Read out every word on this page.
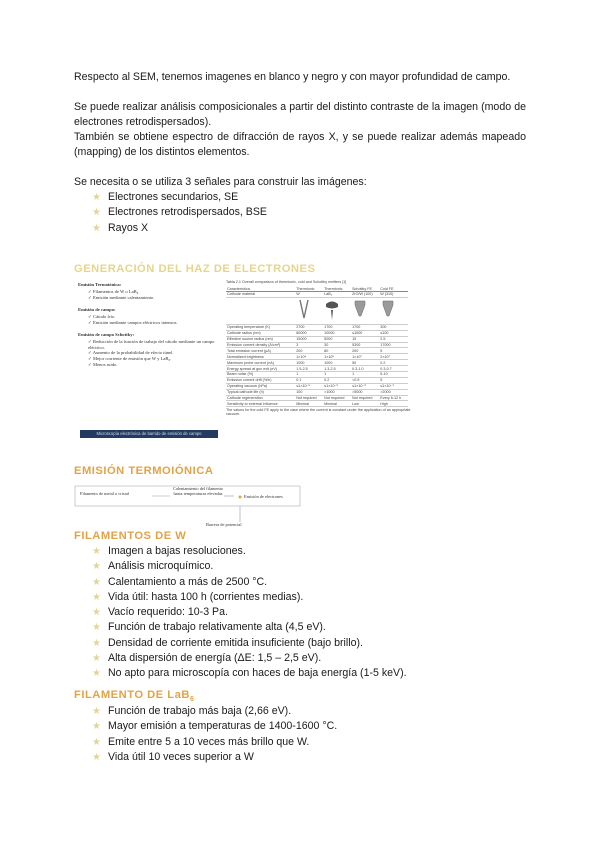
Respecto al SEM, tenemos imagenes en blanco y negro y con mayor profundidad de campo.

Se puede realizar análisis composicionales a partir del distinto contraste de la imagen (modo de electrones retrodispersados).

También se obtiene espectro de difracción de rayos X, y se puede realizar además mapeado (mapping) de los distintos elementos.

Se necesita o se utiliza 3 señales para construir las imágenes:

★ Electrones secundarios, SE
★ Electrones retrodispersados, BSE
★ Rayos X
GENERACIÓN DEL HAZ DE ELECTRONES

Emisión Termoiónica:

✓ Filamentos de W o LaB₆
✓ Emisión mediante calentamiento.

Emisión de campo:

✓ Cátodo frío.
✓ Emisión mediante campos eléctricos intensos.

Emisión de campo Schottky:

✓ Reducción de la función de trabajo del cátodo mediante un campo eléctrico.
✓ Aumento de la probabilidad de efecto túnel.
✓ Mejor corriente de emisión que W y LaB₆.
✓ Menos ruido.
Microscopía electrónica de barrido de emisión de campo

Tabla 2.1 Overall comparison of thermionic, cold and Schottky emitters [1]

Característica	Thermionic	Thermionic	Schottky FE	Cold FE
Cathode material	W	LaB₆	ZrO/W (100)	W (310)

Operating temperature (K)	2700	1700	1700	300
Cathode radius (nm)	60000	10000	≤1000	≤100
Effective source radius (nm)	15000	5000	15	2.5
Emission current density (A/cm²)	3	30	5300	17000
Total emission current (µA)	200	80	200	5
Normalized brightness	1×10⁴	1×10⁵	1×10⁷	2×10⁷
Maximum probe current (nA)	1000	1000	50	0.2
Energy spread at gun exit (eV)	1.5-2.5	1.3-2.5	0.3-1.0	0.3-0.7
Beam noise (%)	1	1	1	5-10
Emission current drift (%/h)	0.1	0.2	<0.5	5
Operating vacuum (hPa)	≤1×10⁻⁵	≤1×10⁻⁶	≤1×10⁻⁸	≤1×10⁻⁹
Typical cathode life (h)	100	>1000	>5000	>2000
Cathode regeneration	Not required	Not required	Not required	Every 6-12 h
Sensitivity to external influence	Minimal	Minimal	Low	High

The values for the cold FE apply to the case where the current is constant under the application of an appropriate vacuum.

EMISIÓN TERMOIÓNICA
Filamento de metal o cristal
Calentamiento del filamento hasta temperaturas elevadas
Emisión de electrones
Barrera de potencial
FILAMENTOS DE W
★ Imagen a bajas resoluciones.
★ Análisis microquímico.
★ Calentamiento a más de 2500 °C.
★ Vida útil: hasta 100 h (corrientes medias).
★ Vacío requerido: 10-3 Pa.
★ Función de trabajo relativamente alta (4,5 eV).
★ Densidad de corriente emitida insuficiente (bajo brillo).
★ Alta dispersión de energía (ΔE: 1,5 – 2,5 eV).
★ No apto para microscopía con haces de baja energía (1-5 keV).
FILAMENTO DE LaB$_6$
★ Función de trabajo más baja (2,66 eV).
★ Mayor emisión a temperaturas de 1400-1600 °C.
★ Emite entre 5 a 10 veces más brillo que W.
★ Vida útil 10 veces superior a W
